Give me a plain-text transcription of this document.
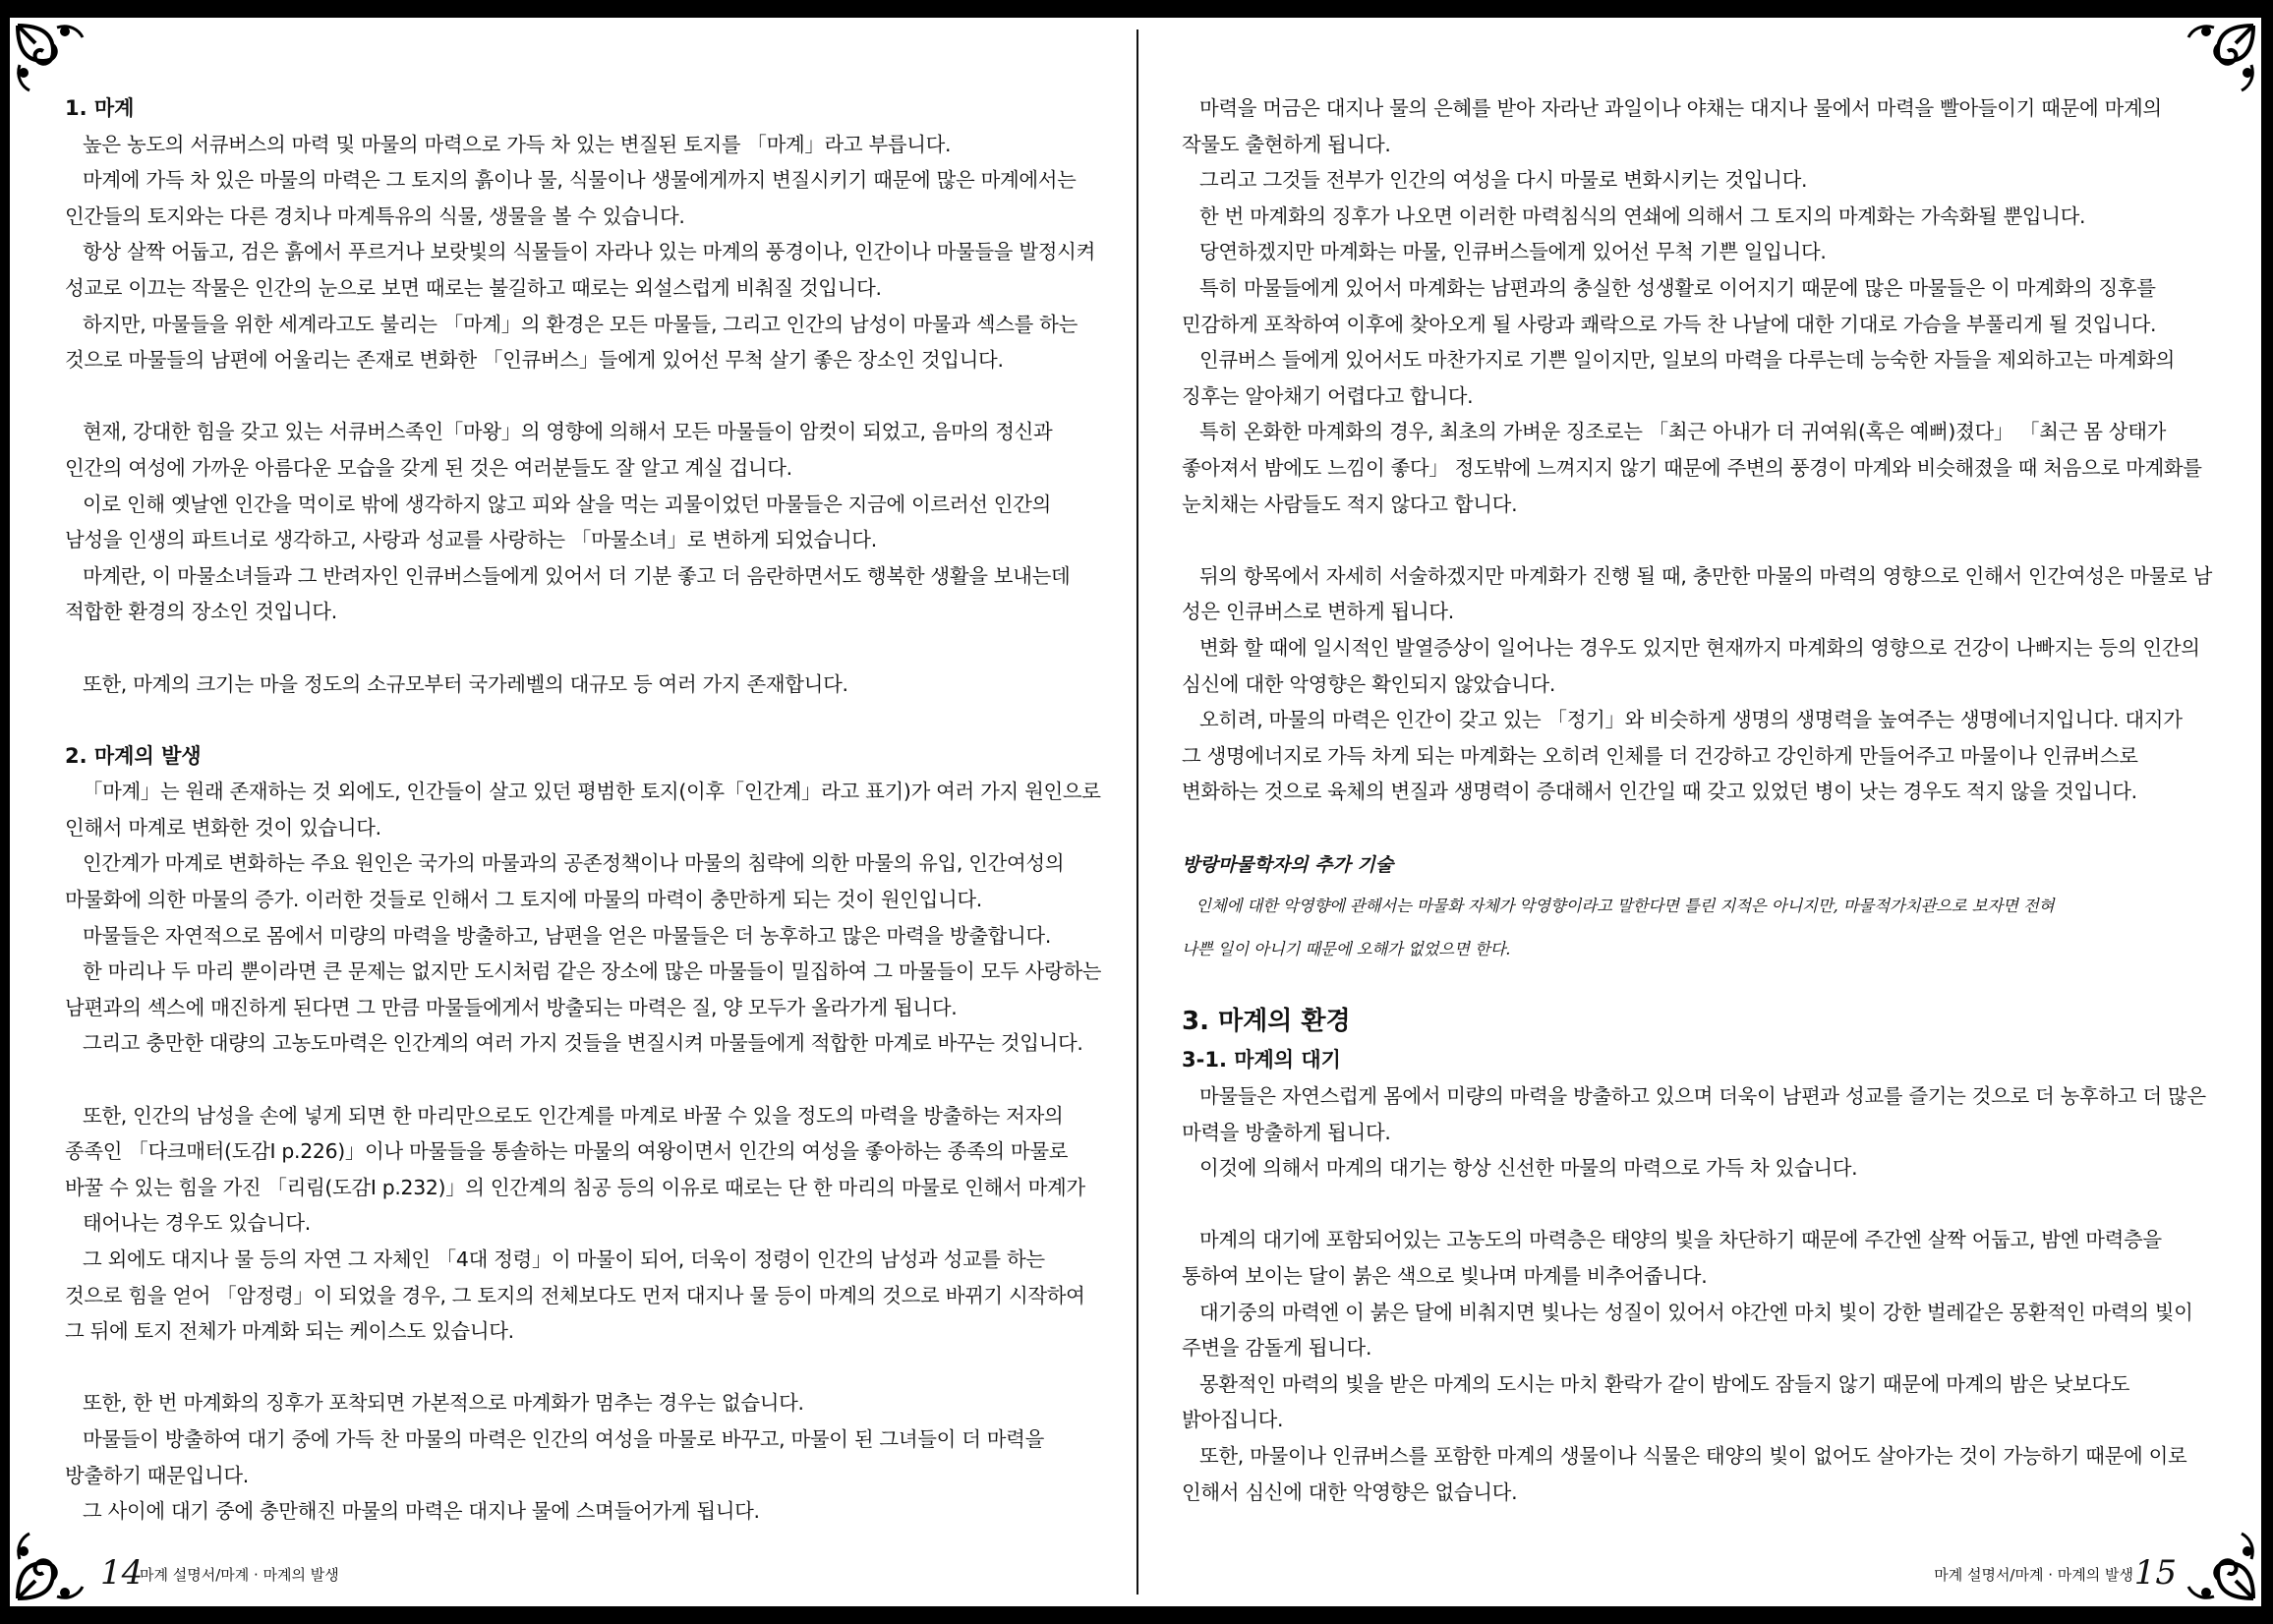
1. 마계

높은 농도의 서큐버스의 마력 및 마물의 마력으로 가득 차 있는 변질된 토지를 「마계」라고 부릅니다.

마계에 가득 차 있은 마물의 마력은 그 토지의 흙이나 물, 식물이나 생물에게까지 변질시키기 때문에 많은 마계에서는

인간들의 토지와는 다른 경치나 마계특유의 식물, 생물을 볼 수 있습니다.

항상 살짝 어둡고, 검은 흙에서 푸르거나 보랏빛의 식물들이 자라나 있는 마계의 풍경이나, 인간이나 마물들을 발정시켜

성교로 이끄는 작물은 인간의 눈으로 보면 때로는 불길하고 때로는 외설스럽게 비춰질 것입니다.

하지만, 마물들을 위한 세계라고도 불리는 「마계」의 환경은 모든 마물들, 그리고 인간의 남성이 마물과 섹스를 하는

것으로 마물들의 남편에 어울리는 존재로 변화한 「인큐버스」들에게 있어선 무척 살기 좋은 장소인 것입니다.

현재, 강대한 힘을 갖고 있는 서큐버스족인「마왕」의 영향에 의해서 모든 마물들이 암컷이 되었고, 음마의 정신과

인간의 여성에 가까운 아름다운 모습을 갖게 된 것은 여러분들도 잘 알고 계실 겁니다.

이로 인해 옛날엔 인간을 먹이로 밖에 생각하지 않고 피와 살을 먹는 괴물이었던 마물들은 지금에 이르러선 인간의

남성을 인생의 파트너로 생각하고, 사랑과 성교를 사랑하는 「마물소녀」로 변하게 되었습니다.

마계란, 이 마물소녀들과 그 반려자인 인큐버스들에게 있어서 더 기분 좋고 더 음란하면서도 행복한 생활을 보내는데

적합한 환경의 장소인 것입니다.

또한, 마계의 크기는 마을 정도의 소규모부터 국가레벨의 대규모 등 여러 가지 존재합니다.

2. 마계의 발생

「마계」는 원래 존재하는 것 외에도, 인간들이 살고 있던 평범한 토지(이후「인간계」라고 표기)가 여러 가지 원인으로

인해서 마계로 변화한 것이 있습니다.

인간계가 마계로 변화하는 주요 원인은 국가의 마물과의 공존정책이나 마물의 침략에 의한 마물의 유입, 인간여성의

마물화에 의한 마물의 증가. 이러한 것들로 인해서 그 토지에 마물의 마력이 충만하게 되는 것이 원인입니다.

마물들은 자연적으로 몸에서 미량의 마력을 방출하고, 남편을 얻은 마물들은 더 농후하고 많은 마력을 방출합니다.

한 마리나 두 마리 뿐이라면 큰 문제는 없지만 도시처럼 같은 장소에 많은 마물들이 밀집하여 그 마물들이 모두 사랑하는

남편과의 섹스에 매진하게 된다면 그 만큼 마물들에게서 방출되는 마력은 질, 양 모두가 올라가게 됩니다.

그리고 충만한 대량의 고농도마력은 인간계의 여러 가지 것들을 변질시켜 마물들에게 적합한 마계로 바꾸는 것입니다.

또한, 인간의 남성을 손에 넣게 되면 한 마리만으로도 인간계를 마계로 바꿀 수 있을 정도의 마력을 방출하는 저자의

종족인 「다크매터(도감Ⅰ p.226)」이나 마물들을 통솔하는 마물의 여왕이면서 인간의 여성을 좋아하는 종족의 마물로

바꿀 수 있는 힘을 가진 「리림(도감Ⅰ p.232)」의 인간계의 침공 등의 이유로 때로는 단 한 마리의 마물로 인해서 마계가

태어나는 경우도 있습니다.

그 외에도 대지나 물 등의 자연 그 자체인 「4대 정령」이 마물이 되어, 더욱이 정령이 인간의 남성과 성교를 하는

것으로 힘을 얻어 「암정령」이 되었을 경우, 그 토지의 전체보다도 먼저 대지나 물 등이 마계의 것으로 바뀌기 시작하여

그 뒤에 토지 전체가 마계화 되는 케이스도 있습니다.

또한, 한 번 마계화의 징후가 포착되면 가본적으로 마계화가 멈추는 경우는 없습니다.

마물들이 방출하여 대기 중에 가득 찬 마물의 마력은 인간의 여성을 마물로 바꾸고, 마물이 된 그녀들이 더 마력을

방출하기 때문입니다.

그 사이에 대기 중에 충만해진 마물의 마력은 대지나 물에 스며들어가게 됩니다.

14
마계 설명서/마계 · 마계의 발생

마력을 머금은 대지나 물의 은혜를 받아 자라난 과일이나 야채는 대지나 물에서 마력을 빨아들이기 때문에 마계의

작물도 출현하게 됩니다.

그리고 그것들 전부가 인간의 여성을 다시 마물로 변화시키는 것입니다.

한 번 마계화의 징후가 나오면 이러한 마력침식의 연쇄에 의해서 그 토지의 마계화는 가속화될 뿐입니다.

당연하겠지만 마계화는 마물, 인큐버스들에게 있어선 무척 기쁜 일입니다.

특히 마물들에게 있어서 마계화는 남편과의 충실한 성생활로 이어지기 때문에 많은 마물들은 이 마계화의 징후를

민감하게 포착하여 이후에 찾아오게 될 사랑과 쾌락으로 가득 찬 나날에 대한 기대로 가슴을 부풀리게 될 것입니다.

인큐버스 들에게 있어서도 마찬가지로 기쁜 일이지만, 일보의 마력을 다루는데 능숙한 자들을 제외하고는 마계화의

징후는 알아채기 어렵다고 합니다.

특히 온화한 마계화의 경우, 최초의 가벼운 징조로는 「최근 아내가 더 귀여워(혹은 예뻐)졌다」 「최근 몸 상태가

좋아져서 밤에도 느낌이 좋다」 정도밖에 느껴지지 않기 때문에 주변의 풍경이 마계와 비슷해졌을 때 처음으로 마계화를

눈치채는 사람들도 적지 않다고 합니다.

뒤의 항목에서 자세히 서술하겠지만 마계화가 진행 될 때, 충만한 마물의 마력의 영향으로 인해서 인간여성은 마물로 남

성은 인큐버스로 변하게 됩니다.

변화 할 때에 일시적인 발열증상이 일어나는 경우도 있지만 현재까지 마계화의 영향으로 건강이 나빠지는 등의 인간의

심신에 대한 악영향은 확인되지 않았습니다.

오히려, 마물의 마력은 인간이 갖고 있는 「정기」와 비슷하게 생명의 생명력을 높여주는 생명에너지입니다. 대지가

그 생명에너지로 가득 차게 되는 마계화는 오히려 인체를 더 건강하고 강인하게 만들어주고 마물이나 인큐버스로

변화하는 것으로 육체의 변질과 생명력이 증대해서 인간일 때 갖고 있었던 병이 낫는 경우도 적지 않을 것입니다.

방랑마물학자의 추가 기술
인체에 대한 악영향에 관해서는 마물화 자체가 악영향이라고 말한다면 틀린 지적은 아니지만, 마물적가치관으로 보자면 전혀
나쁜 일이 아니기 때문에 오해가 없었으면 한다.
3. 마계의 환경
3-1. 마계의 대기

마물들은 자연스럽게 몸에서 미량의 마력을 방출하고 있으며 더욱이 남편과 성교를 즐기는 것으로 더 농후하고 더 많은

마력을 방출하게 됩니다.

이것에 의해서 마계의 대기는 항상 신선한 마물의 마력으로 가득 차 있습니다.

마계의 대기에 포함되어있는 고농도의 마력층은 태양의 빛을 차단하기 때문에 주간엔 살짝 어둡고, 밤엔 마력층을

통하여 보이는 달이 붉은 색으로 빛나며 마계를 비추어줍니다.

대기중의 마력엔 이 붉은 달에 비춰지면 빛나는 성질이 있어서 야간엔 마치 빛이 강한 벌레같은 몽환적인 마력의 빛이

주변을 감돌게 됩니다.

몽환적인 마력의 빛을 받은 마계의 도시는 마치 환락가 같이 밤에도 잠들지 않기 때문에 마계의 밤은 낮보다도

밝아집니다.

또한, 마물이나 인큐버스를 포함한 마계의 생물이나 식물은 태양의 빛이 없어도 살아가는 것이 가능하기 때문에 이로

인해서 심신에 대한 악영향은 없습니다.

마계 설명서/마계 · 마계의 발생 15
